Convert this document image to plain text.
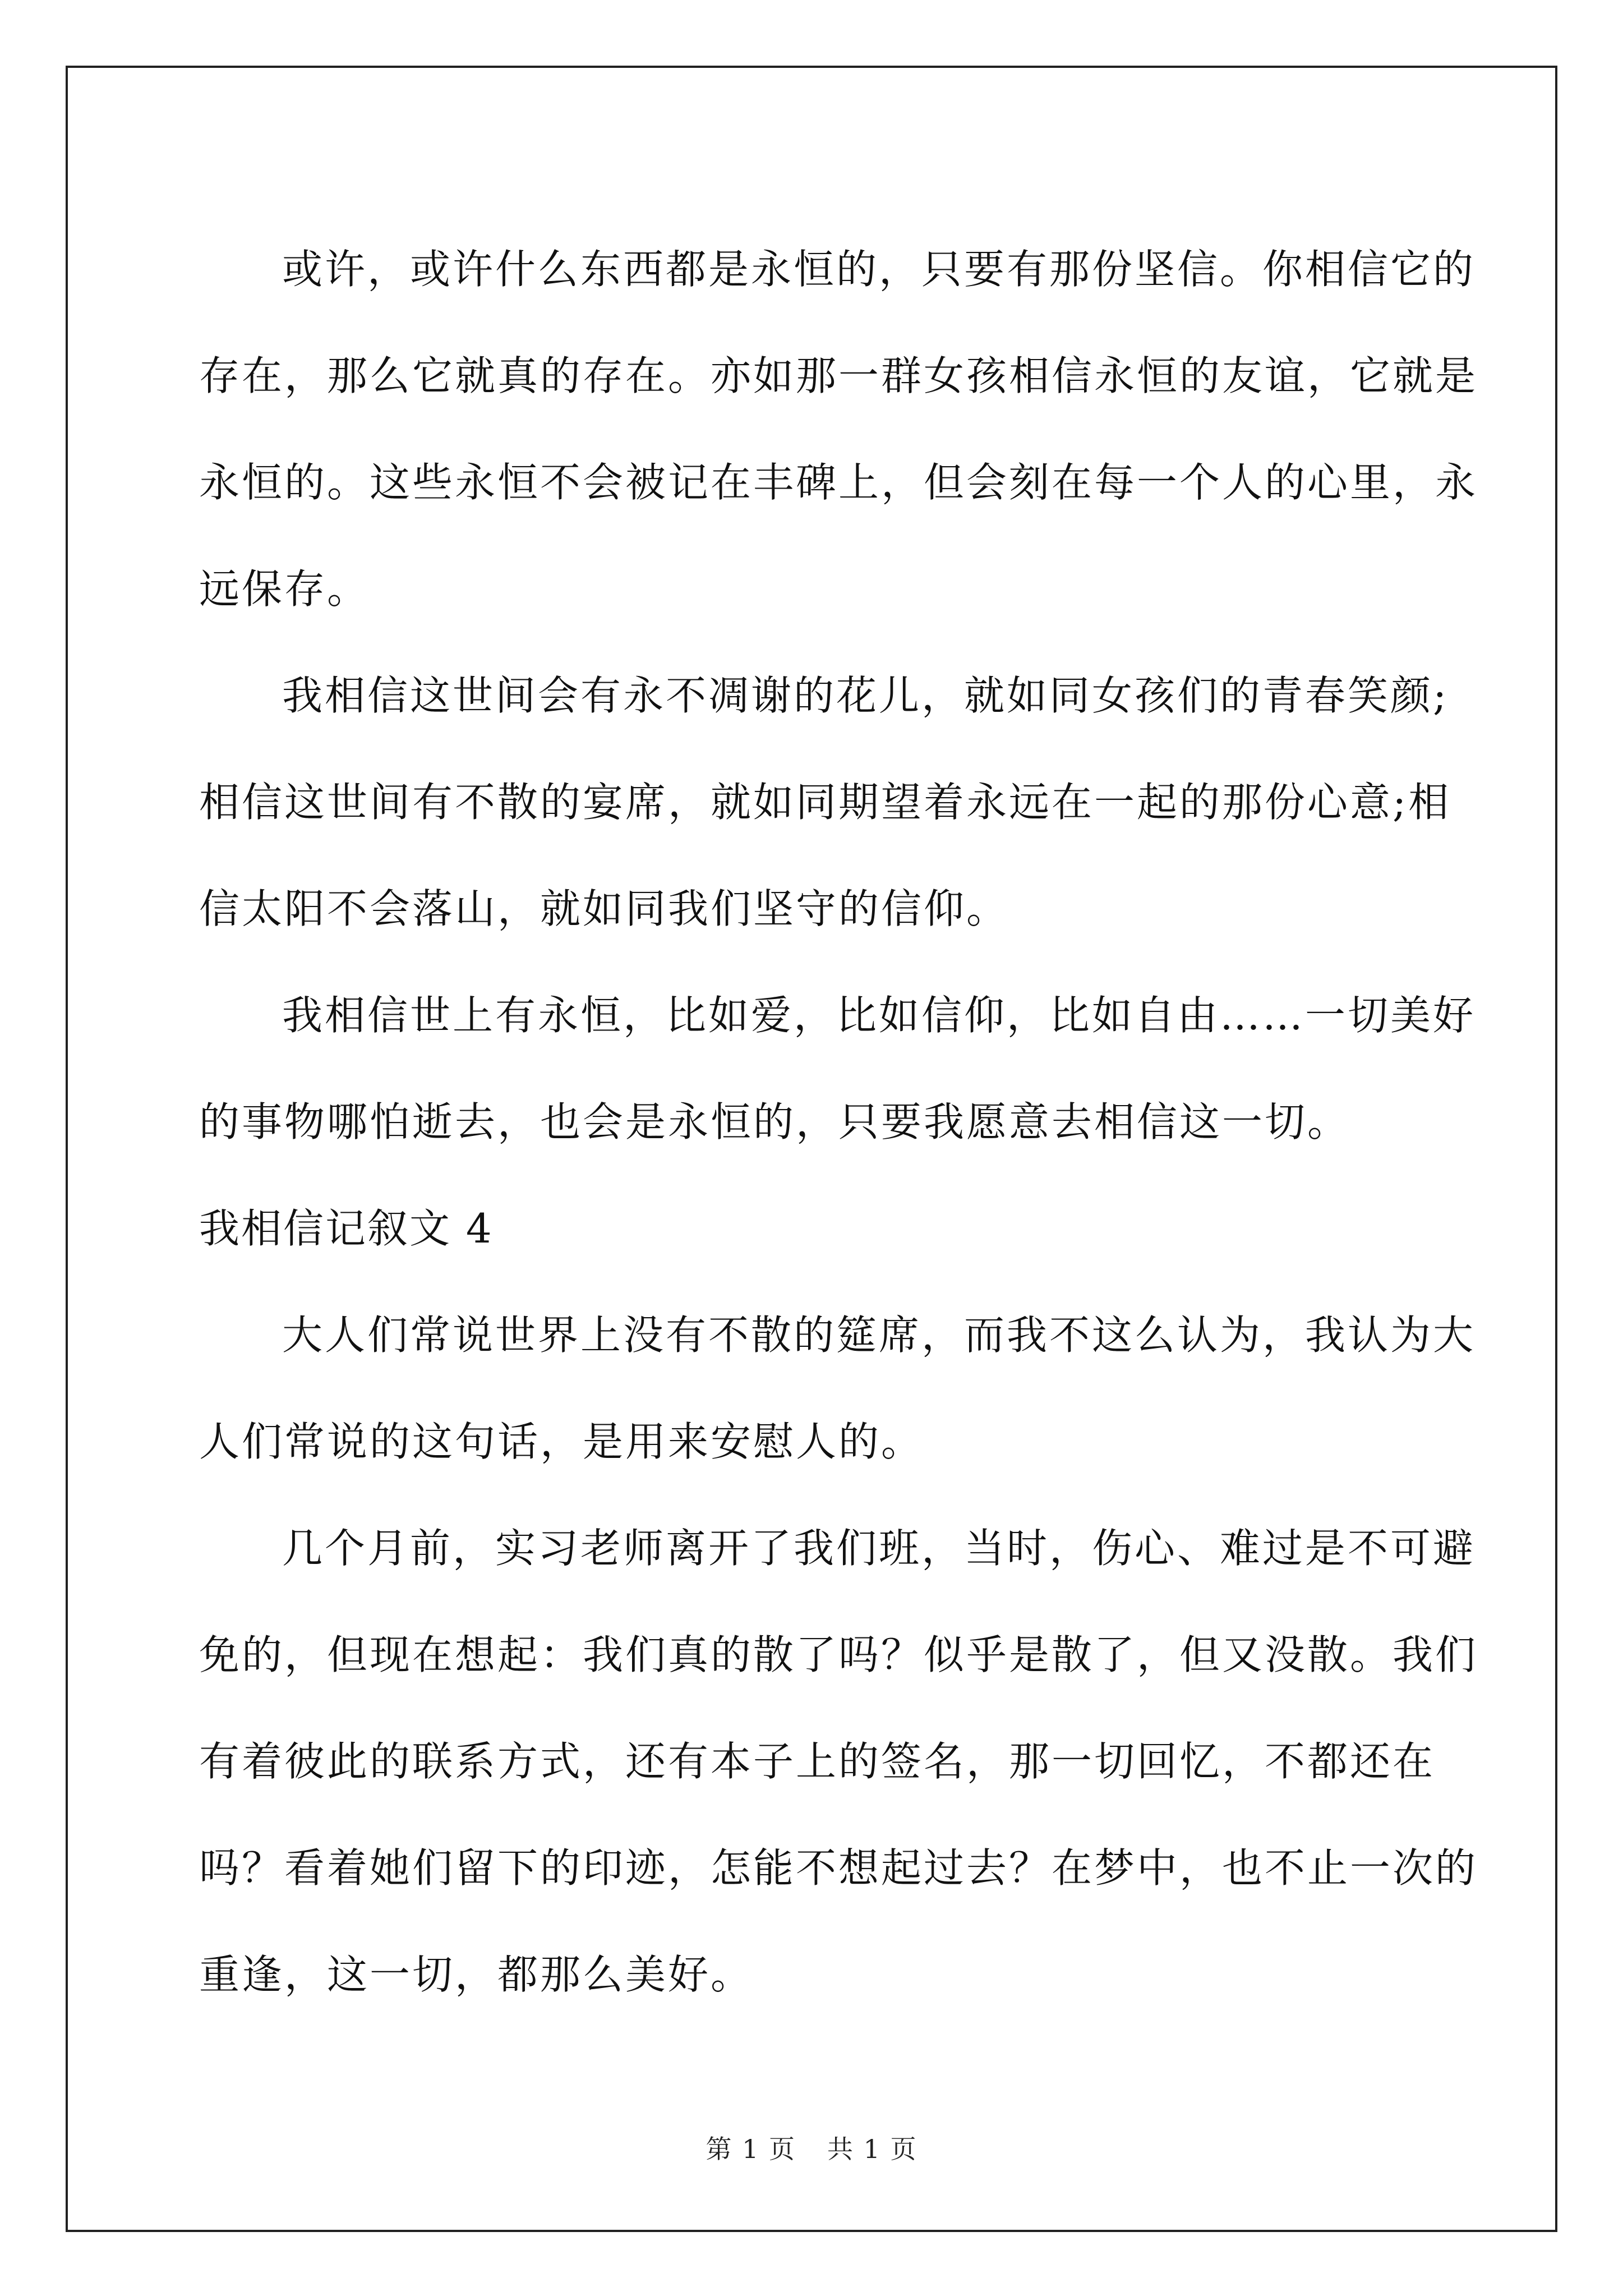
或许，或许什么东西都是永恒的，只要有那份坚信。你相信它的存在，那么它就真的存在。亦如那一群女孩相信永恒的友谊，它就是永恒的。这些永恒不会被记在丰碑上，但会刻在每一个人的心里，永远保存。

我相信这世间会有永不凋谢的花儿，就如同女孩们的青春笑颜;相信这世间有不散的宴席，就如同期望着永远在一起的那份心意;相信太阳不会落山，就如同我们坚守的信仰。

我相信世上有永恒，比如爱，比如信仰，比如自由……一切美好的事物哪怕逝去，也会是永恒的，只要我愿意去相信这一切。

我相信记叙文 4

大人们常说世界上没有不散的筵席，而我不这么认为，我认为大人们常说的这句话，是用来安慰人的。

几个月前，实习老师离开了我们班，当时，伤心、难过是不可避免的，但现在想起：我们真的散了吗？似乎是散了，但又没散。我们有着彼此的联系方式，还有本子上的签名，那一切回忆，不都还在吗？看着她们留下的印迹，怎能不想起过去？在梦中，也不止一次的重逢，这一切，都那么美好。

第 1 页 共 1 页
